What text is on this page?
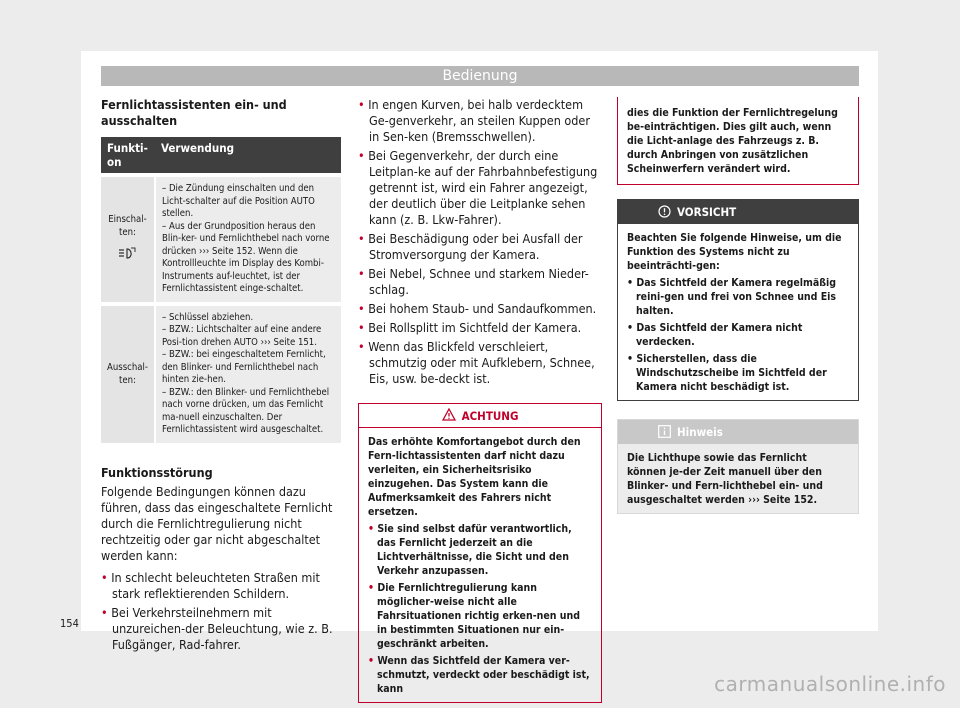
Bedienung
Fernlichtassistenten ein- und ausschalten
Funkti-on	Verwendung

Einschal-ten:	– Die Zündung einschalten und den Licht-schalter auf die Position AUTO stellen.
– Aus der Grundposition heraus den Blin-ker- und Fernlichthebel nach vorne drücken ››› Seite 152. Wenn die Kontrollleuchte im Display des Kombi-Instruments auf-leuchtet, ist der Fernlichtassistent einge-schaltet.

Ausschal-ten:	– Schlüssel abziehen.
– BZW.: Lichtschalter auf eine andere Posi-tion drehen AUTO ››› Seite 151.
– BZW.: bei eingeschaltetem Fernlicht, den Blinker- und Fernlichthebel nach hinten zie-hen.
– BZW.: den Blinker- und Fernlichthebel nach vorne drücken, um das Fernlicht ma-nuell einzuschalten. Der Fernlichtassistent wird ausgeschaltet.
Funktionsstörung
Folgende Bedingungen können dazu führen, dass das eingeschaltete Fernlicht durch die Fernlichtregulierung nicht rechtzeitig oder gar nicht abgeschaltet werden kann:
• In schlecht beleuchteten Straßen mit stark reflektierenden Schildern.
• Bei Verkehrsteilnehmern mit unzureichen-der Beleuchtung, wie z. B. Fußgänger, Rad-fahrer.
• In engen Kurven, bei halb verdecktem Ge-genverkehr, an steilen Kuppen oder in Sen-ken (Bremsschwellen).
• Bei Gegenverkehr, der durch eine Leitplan-ke auf der Fahrbahnbefestigung getrennt ist, wird ein Fahrer angezeigt, der deutlich über die Leitplanke sehen kann (z. B. Lkw-Fahrer).
• Bei Beschädigung oder bei Ausfall der Stromversorgung der Kamera.
• Bei Nebel, Schnee und starkem Nieder-schlag.
• Bei hohem Staub- und Sandaufkommen.
• Bei Rollsplitt im Sichtfeld der Kamera.
• Wenn das Blickfeld verschleiert, schmutzig oder mit Aufklebern, Schnee, Eis, usw. be-deckt ist.
ACHTUNG
Das erhöhte Komfortangebot durch den Fern-lichtassistenten darf nicht dazu verleiten, ein Sicherheitsrisiko einzugehen. Das System kann die Aufmerksamkeit des Fahrers nicht ersetzen.
• Sie sind selbst dafür verantwortlich, das Fernlicht jederzeit an die Lichtverhältnisse, die Sicht und den Verkehr anzupassen.
• Die Fernlichtregulierung kann möglicher-weise nicht alle Fahrsituationen richtig erken-nen und in bestimmten Situationen nur ein-geschränkt arbeiten.
• Wenn das Sichtfeld der Kamera ver-schmutzt, verdeckt oder beschädigt ist, kann
dies die Funktion der Fernlichtregelung be-einträchtigen. Dies gilt auch, wenn die Licht-anlage des Fahrzeugs z. B. durch Anbringen von zusätzlichen Scheinwerfern verändert wird.
VORSICHT
Beachten Sie folgende Hinweise, um die Funktion des Systems nicht zu beeinträchti-gen:
• Das Sichtfeld der Kamera regelmäßig reini-gen und frei von Schnee und Eis halten.
• Das Sichtfeld der Kamera nicht verdecken.
• Sicherstellen, dass die Windschutzscheibe im Sichtfeld der Kamera nicht beschädigt ist.
Hinweis
Die Lichthupe sowie das Fernlicht können je-der Zeit manuell über den Blinker- und Fern-lichthebel ein- und ausgeschaltet werden ››› Seite 152.
154
carmanualsonline.info
